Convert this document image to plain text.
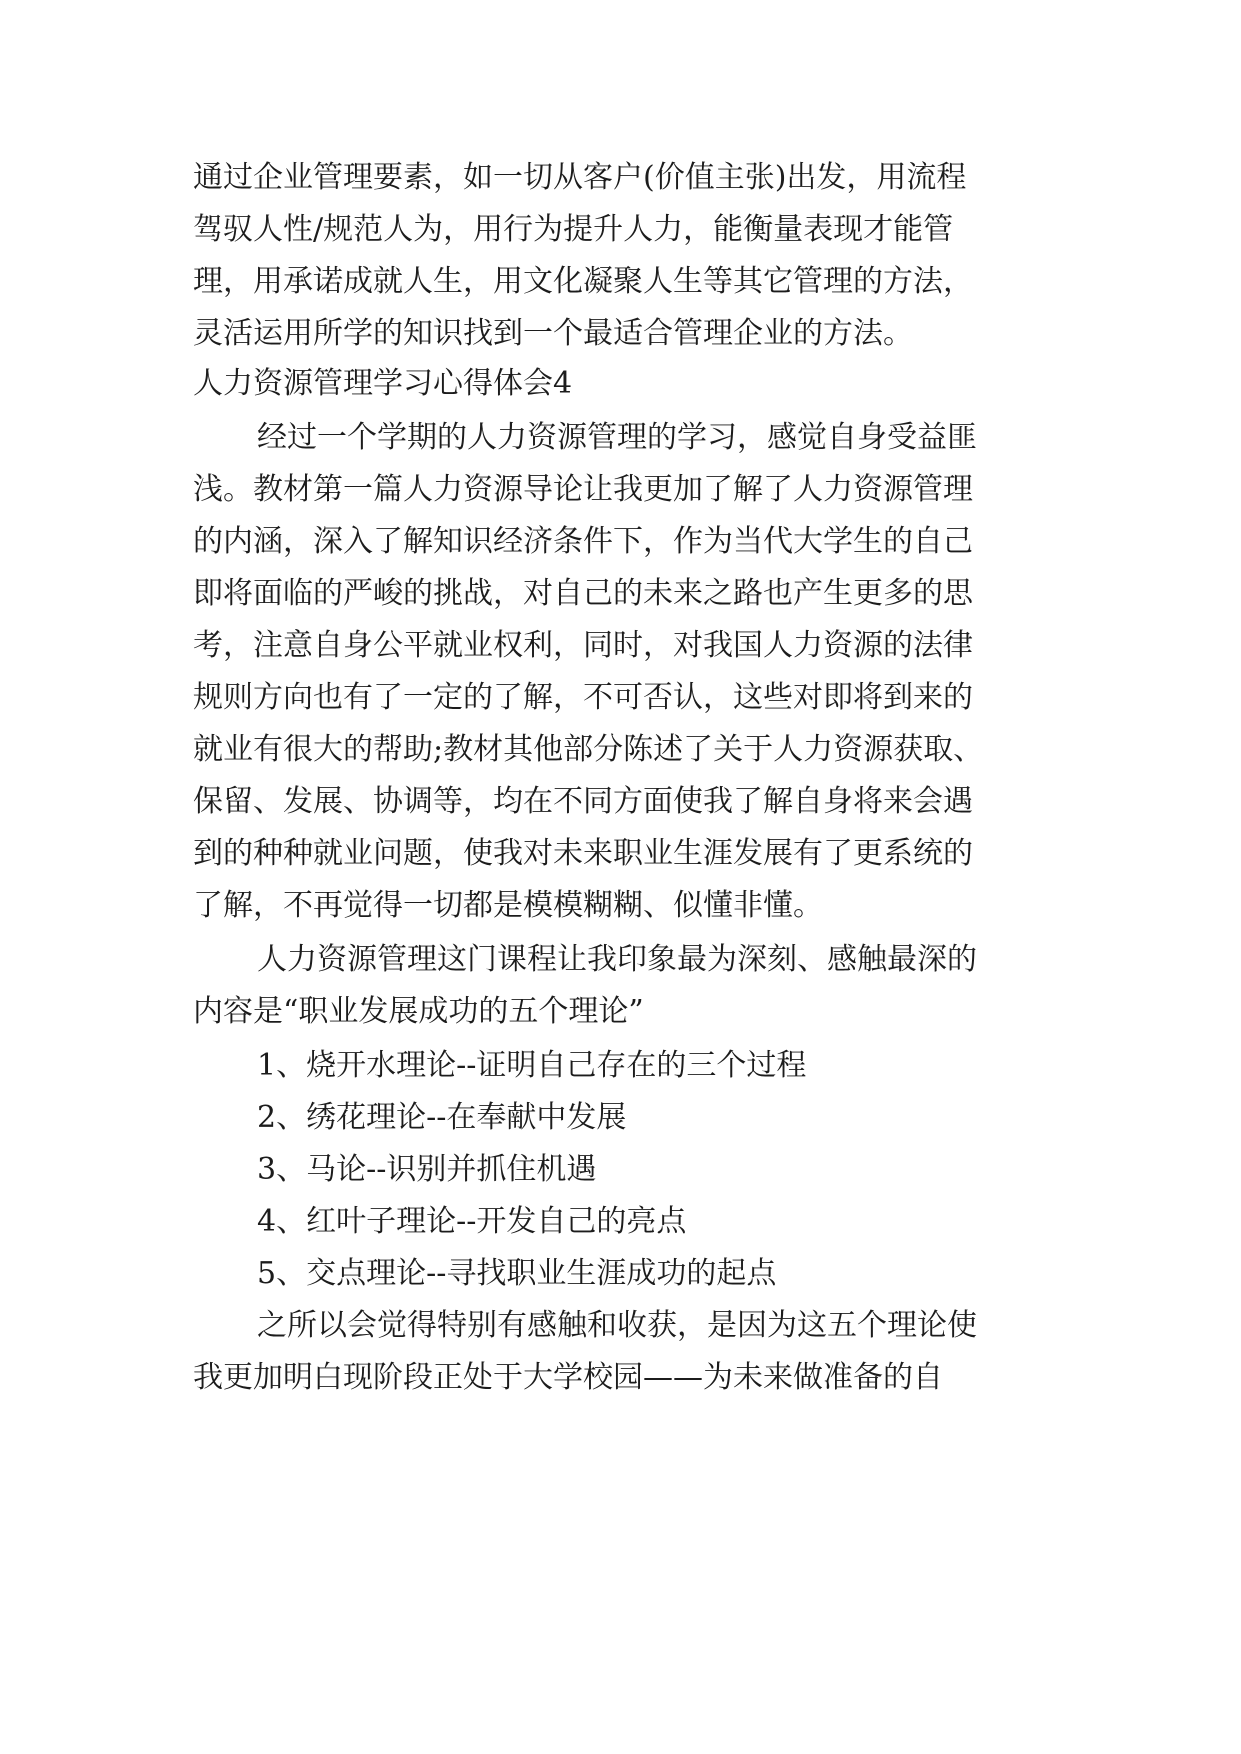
通过企业管理要素，如一切从客户(价值主张)出发，用流程
驾驭人性/规范人为，用行为提升人力，能衡量表现才能管
理，用承诺成就人生，用文化凝聚人生等其它管理的方法，
灵活运用所学的知识找到一个最适合管理企业的方法。
人力资源管理学习心得体会4
经过一个学期的人力资源管理的学习，感觉自身受益匪
浅。教材第一篇人力资源导论让我更加了解了人力资源管理
的内涵，深入了解知识经济条件下，作为当代大学生的自己
即将面临的严峻的挑战，对自己的未来之路也产生更多的思
考，注意自身公平就业权利，同时，对我国人力资源的法律
规则方向也有了一定的了解，不可否认，这些对即将到来的
就业有很大的帮助;教材其他部分陈述了关于人力资源获取、
保留、发展、协调等，均在不同方面使我了解自身将来会遇
到的种种就业问题，使我对未来职业生涯发展有了更系统的
了解，不再觉得一切都是模模糊糊、似懂非懂。
人力资源管理这门课程让我印象最为深刻、感触最深的
内容是“职业发展成功的五个理论”
1、烧开水理论--证明自己存在的三个过程
2、绣花理论--在奉献中发展
3、马论--识别并抓住机遇
4、红叶子理论--开发自己的亮点
5、交点理论--寻找职业生涯成功的起点
之所以会觉得特别有感触和收获，是因为这五个理论使
我更加明白现阶段正处于大学校园——为未来做准备的自
